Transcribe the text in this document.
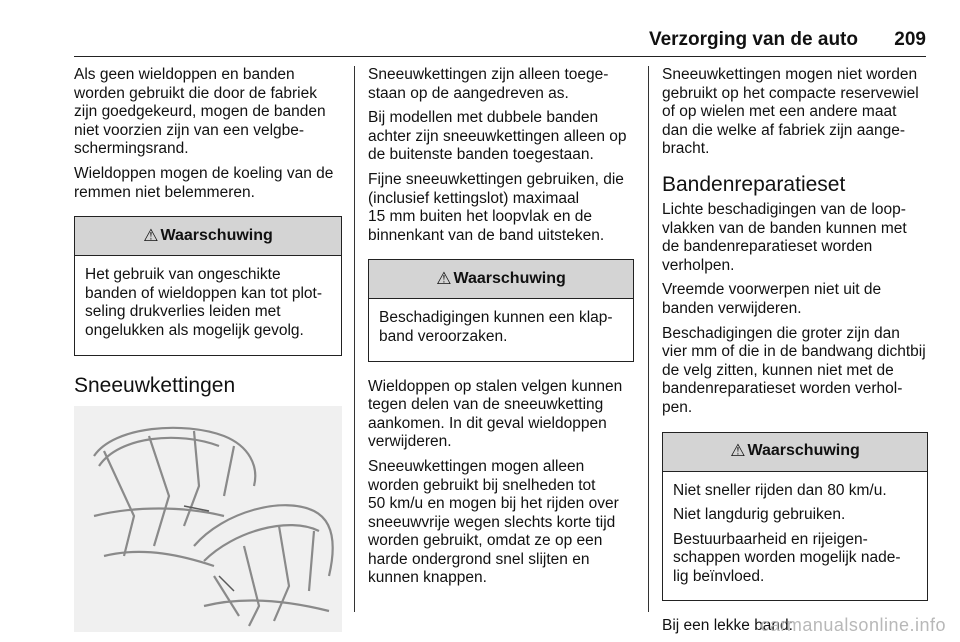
Verzorging van de auto 209

Als geen wieldoppen en banden
worden gebruikt die door de fabriek
zijn goedgekeurd, mogen de banden
niet voorzien zijn van een velgbe-
schermingsrand.

Wieldoppen mogen de koeling van de
remmen niet belemmeren.

⚠ Waarschuwing

Het gebruik van ongeschikte
banden of wieldoppen kan tot plot-
seling drukverlies leiden met
ongelukken als mogelijk gevolg.

Sneeuwkettingen

Sneeuwkettingen zijn alleen toege-
staan op de aangedreven as.

Bij modellen met dubbele banden
achter zijn sneeuwkettingen alleen op
de buitenste banden toegestaan.

Fijne sneeuwkettingen gebruiken, die
(inclusief kettingslot) maximaal
15 mm buiten het loopvlak en de
binnenkant van de band uitsteken.

⚠ Waarschuwing

Beschadigingen kunnen een klap-
band veroorzaken.

Wieldoppen op stalen velgen kunnen
tegen delen van de sneeuwketting
aankomen. In dit geval wieldoppen
verwijderen.

Sneeuwkettingen mogen alleen
worden gebruikt bij snelheden tot
50 km/u en mogen bij het rijden over
sneeuwvrije wegen slechts korte tijd
worden gebruikt, omdat ze op een
harde ondergrond snel slijten en
kunnen knappen.

Sneeuwkettingen mogen niet worden
gebruikt op het compacte reservewiel
of op wielen met een andere maat
dan die welke af fabriek zijn aange-
bracht.

Bandenreparatieset

Lichte beschadigingen van de loop-
vlakken van de banden kunnen met
de bandenreparatieset worden
verholpen.

Vreemde voorwerpen niet uit de
banden verwijderen.

Beschadigingen die groter zijn dan
vier mm of die in de bandwang dichtbij
de velg zitten, kunnen niet met de
bandenreparatieset worden verhol-
pen.

⚠ Waarschuwing

Niet sneller rijden dan 80 km/u.

Niet langdurig gebruiken.

Bestuurbaarheid en rijeigen-
schappen worden mogelijk nade-
lig beïnvloed.

Bij een lekke band:

carmanualsonline.info
